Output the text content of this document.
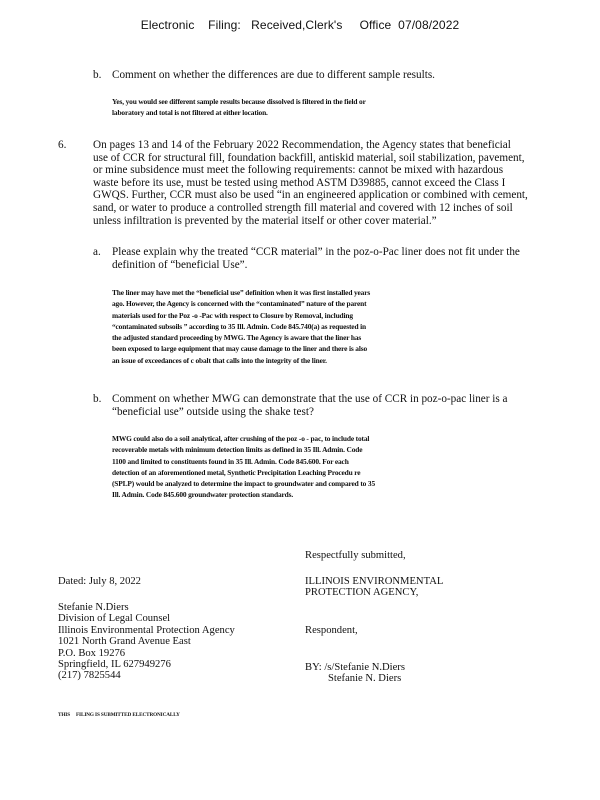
Electronic    Filing:   Received,Clerk's     Office  07/08/2022
b. Comment on whether the differences are due to different sample results.
Yes, you would see different sample results because dissolved is filtered in the field or
laboratory and total is not filtered at either location.
6. On pages 13 and 14 of the February 2022 Recommendation, the Agency states that beneficial
use of CCR for structural fill, foundation backfill, antiskid material, soil stabilization, pavement,
or mine subsidence must meet the following requirements: cannot be mixed with hazardous
waste before its use, must be tested using method ASTM D39885, cannot exceed the Class I
GWQS. Further, CCR must also be used “in an engineered application or combined with cement,
sand, or water to produce a controlled strength fill material and covered with 12 inches of soil
unless infiltration is prevented by the material itself or other cover material.”
a. Please explain why the treated “CCR material” in the poz-o-Pac liner does not fit under the
definition of “beneficial Use”.
The liner may have met the “beneficial use” definition when it was first installed years
ago. However, the Agency is concerned with the “contaminated” nature of the parent
materials used for the Poz -o -Pac with respect to Closure by Removal, including
“contaminated subsoils ” according to 35 Ill. Admin. Code 845.740(a) as requested in
the adjusted standard proceeding by MWG. The Agency is aware that the liner has
been exposed to large equipment that may cause damage to the liner and there is also
an issue of exceedances of c obalt that calls into the integrity of the liner.
b. Comment on whether MWG can demonstrate that the use of CCR in poz-o-pac liner is a
“beneficial use” outside using the shake test?
MWG could also do a soil analytical, after crushing of the poz -o - pac, to include total
recoverable metals with minimum detection limits as defined in 35 Ill. Admin. Code
1100 and limited to constituents found in 35 Ill. Admin. Code 845.600. For each
detection of an aforementioned metal, Synthetic Precipitation Leaching Procedu re
(SPLP) would be analyzed to determine the impact to groundwater and compared to 35
Ill. Admin. Code 845.600 groundwater protection standards.
Respectfully submitted,
Dated: July 8, 2022	ILLINOIS ENVIRONMENTAL
PROTECTION AGENCY,
Stefanie N.Diers
Division of Legal Counsel
Illinois Environmental Protection Agency
1021 North Grand Avenue East
P.O. Box 19276
Springfield, IL 627949276
(217) 7825544
Respondent,
BY: /s/Stefanie N.Diers
Stefanie N. Diers
THIS     FILING IS SUBMITTED ELECTRONICALLY
